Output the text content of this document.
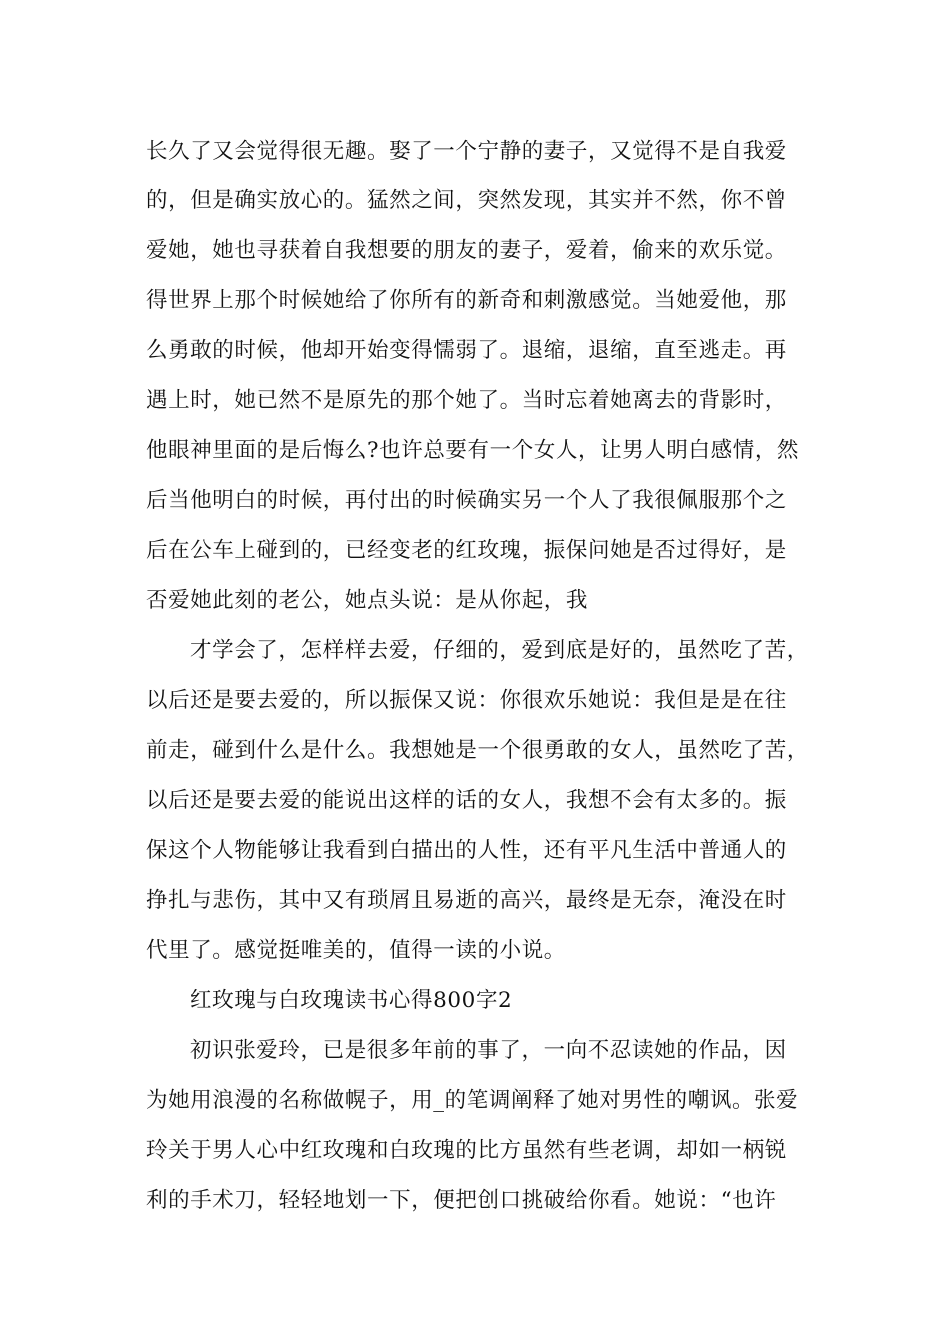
长久了又会觉得很无趣。娶了一个宁静的妻子，又觉得不是自我爱
的，但是确实放心的。猛然之间，突然发现，其实并不然，你不曾
爱她，她也寻获着自我想要的朋友的妻子，爱着，偷来的欢乐觉。
得世界上那个时候她给了你所有的新奇和刺激感觉。当她爱他，那
么勇敢的时候，他却开始变得懦弱了。退缩，退缩，直至逃走。再
遇上时，她已然不是原先的那个她了。当时忘着她离去的背影时，
他眼神里面的是后悔么?也许总要有一个女人，让男人明白感情，然
后当他明白的时候，再付出的时候确实另一个人了我很佩服那个之
后在公车上碰到的，已经变老的红玫瑰，振保问她是否过得好，是
否爱她此刻的老公，她点头说：是从你起，我
才学会了，怎样样去爱，仔细的，爱到底是好的，虽然吃了苦，
以后还是要去爱的，所以振保又说：你很欢乐她说：我但是是在往
前走，碰到什么是什么。我想她是一个很勇敢的女人，虽然吃了苦，
以后还是要去爱的能说出这样的话的女人，我想不会有太多的。振
保这个人物能够让我看到白描出的人性，还有平凡生活中普通人的
挣扎与悲伤，其中又有琐屑且易逝的高兴，最终是无奈，淹没在时
代里了。感觉挺唯美的，值得一读的小说。
红玫瑰与白玫瑰读书心得800字2
初识张爱玲，已是很多年前的事了，一向不忍读她的作品，因
为她用浪漫的名称做幌子，用_的笔调阐释了她对男性的嘲讽。张爱
玲关于男人心中红玫瑰和白玫瑰的比方虽然有些老调，却如一柄锐
利的手术刀，轻轻地划一下，便把创口挑破给你看。她说：“也许
